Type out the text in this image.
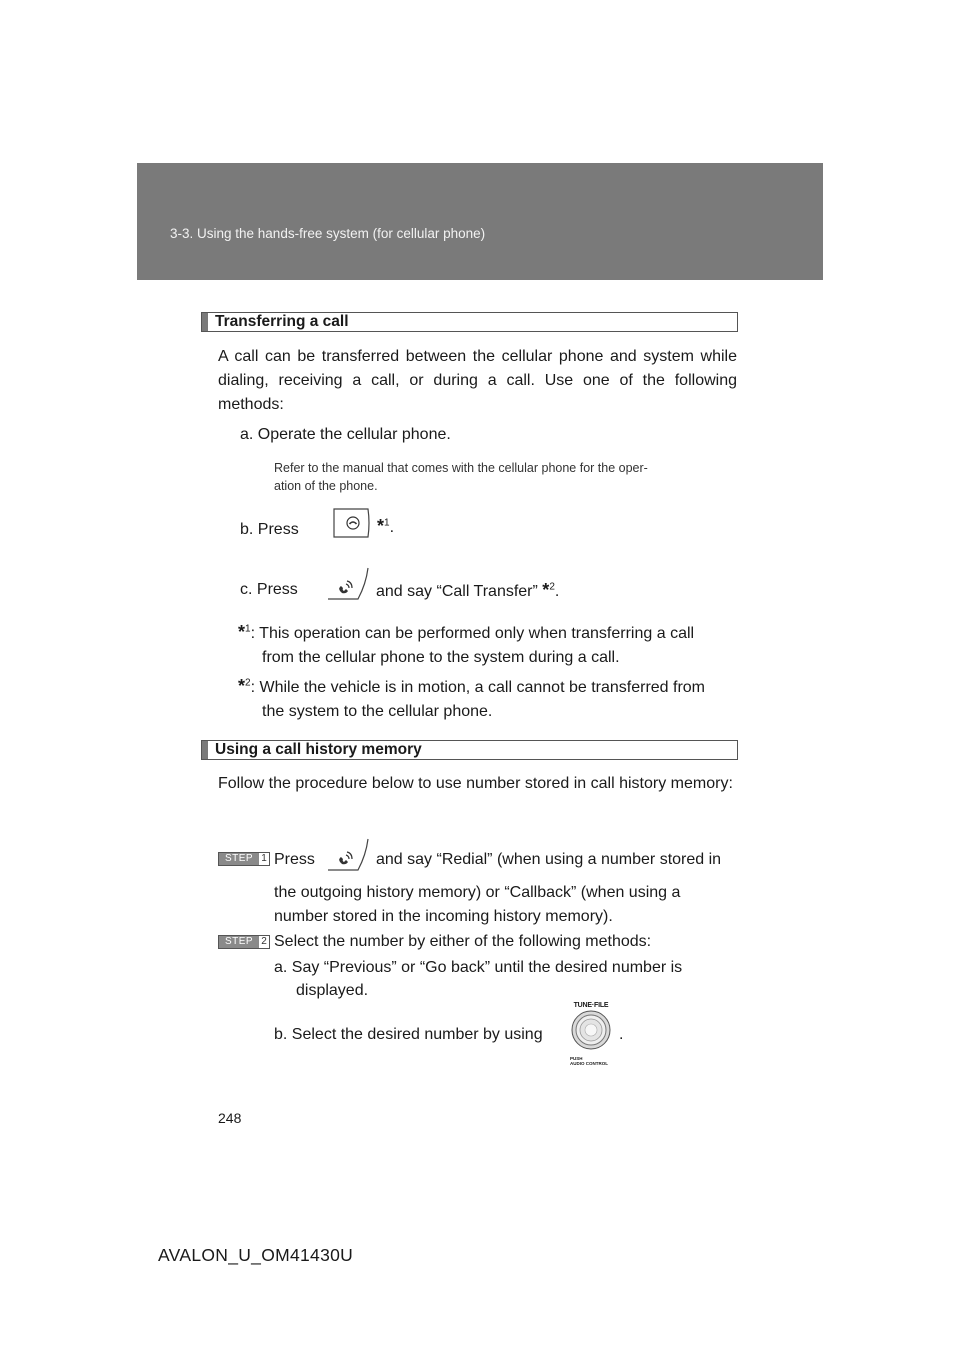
3-3. Using the hands-free system (for cellular phone)
Transferring a call
A call can be transferred between the cellular phone and system while dialing, receiving a call, or during a call. Use one of the following methods:
a. Operate the cellular phone.
Refer to the manual that comes with the cellular phone for the oper-
ation of the phone.
b. Press	*$^1$.
c. Press	and say “Call Transfer” *$^2$.
*$^1$: This operation can be performed only when transferring a call
from the cellular phone to the system during a call.
*$^2$: While the vehicle is in motion, a call cannot be transferred from
the system to the cellular phone.
Using a call history memory
Follow the procedure below to use number stored in call history memory:
STEP 1 Press	and say “Redial” (when using a number stored in
the outgoing history memory) or “Callback” (when using a
number stored in the incoming history memory).
STEP 2 Select the number by either of the following methods:
a. Say “Previous” or “Go back” until the desired number is
displayed.
b. Select the desired number by using
TUNE·FILE
PUSH
AUDIO CONTROL
.
248
AVALON_U_OM41430U
